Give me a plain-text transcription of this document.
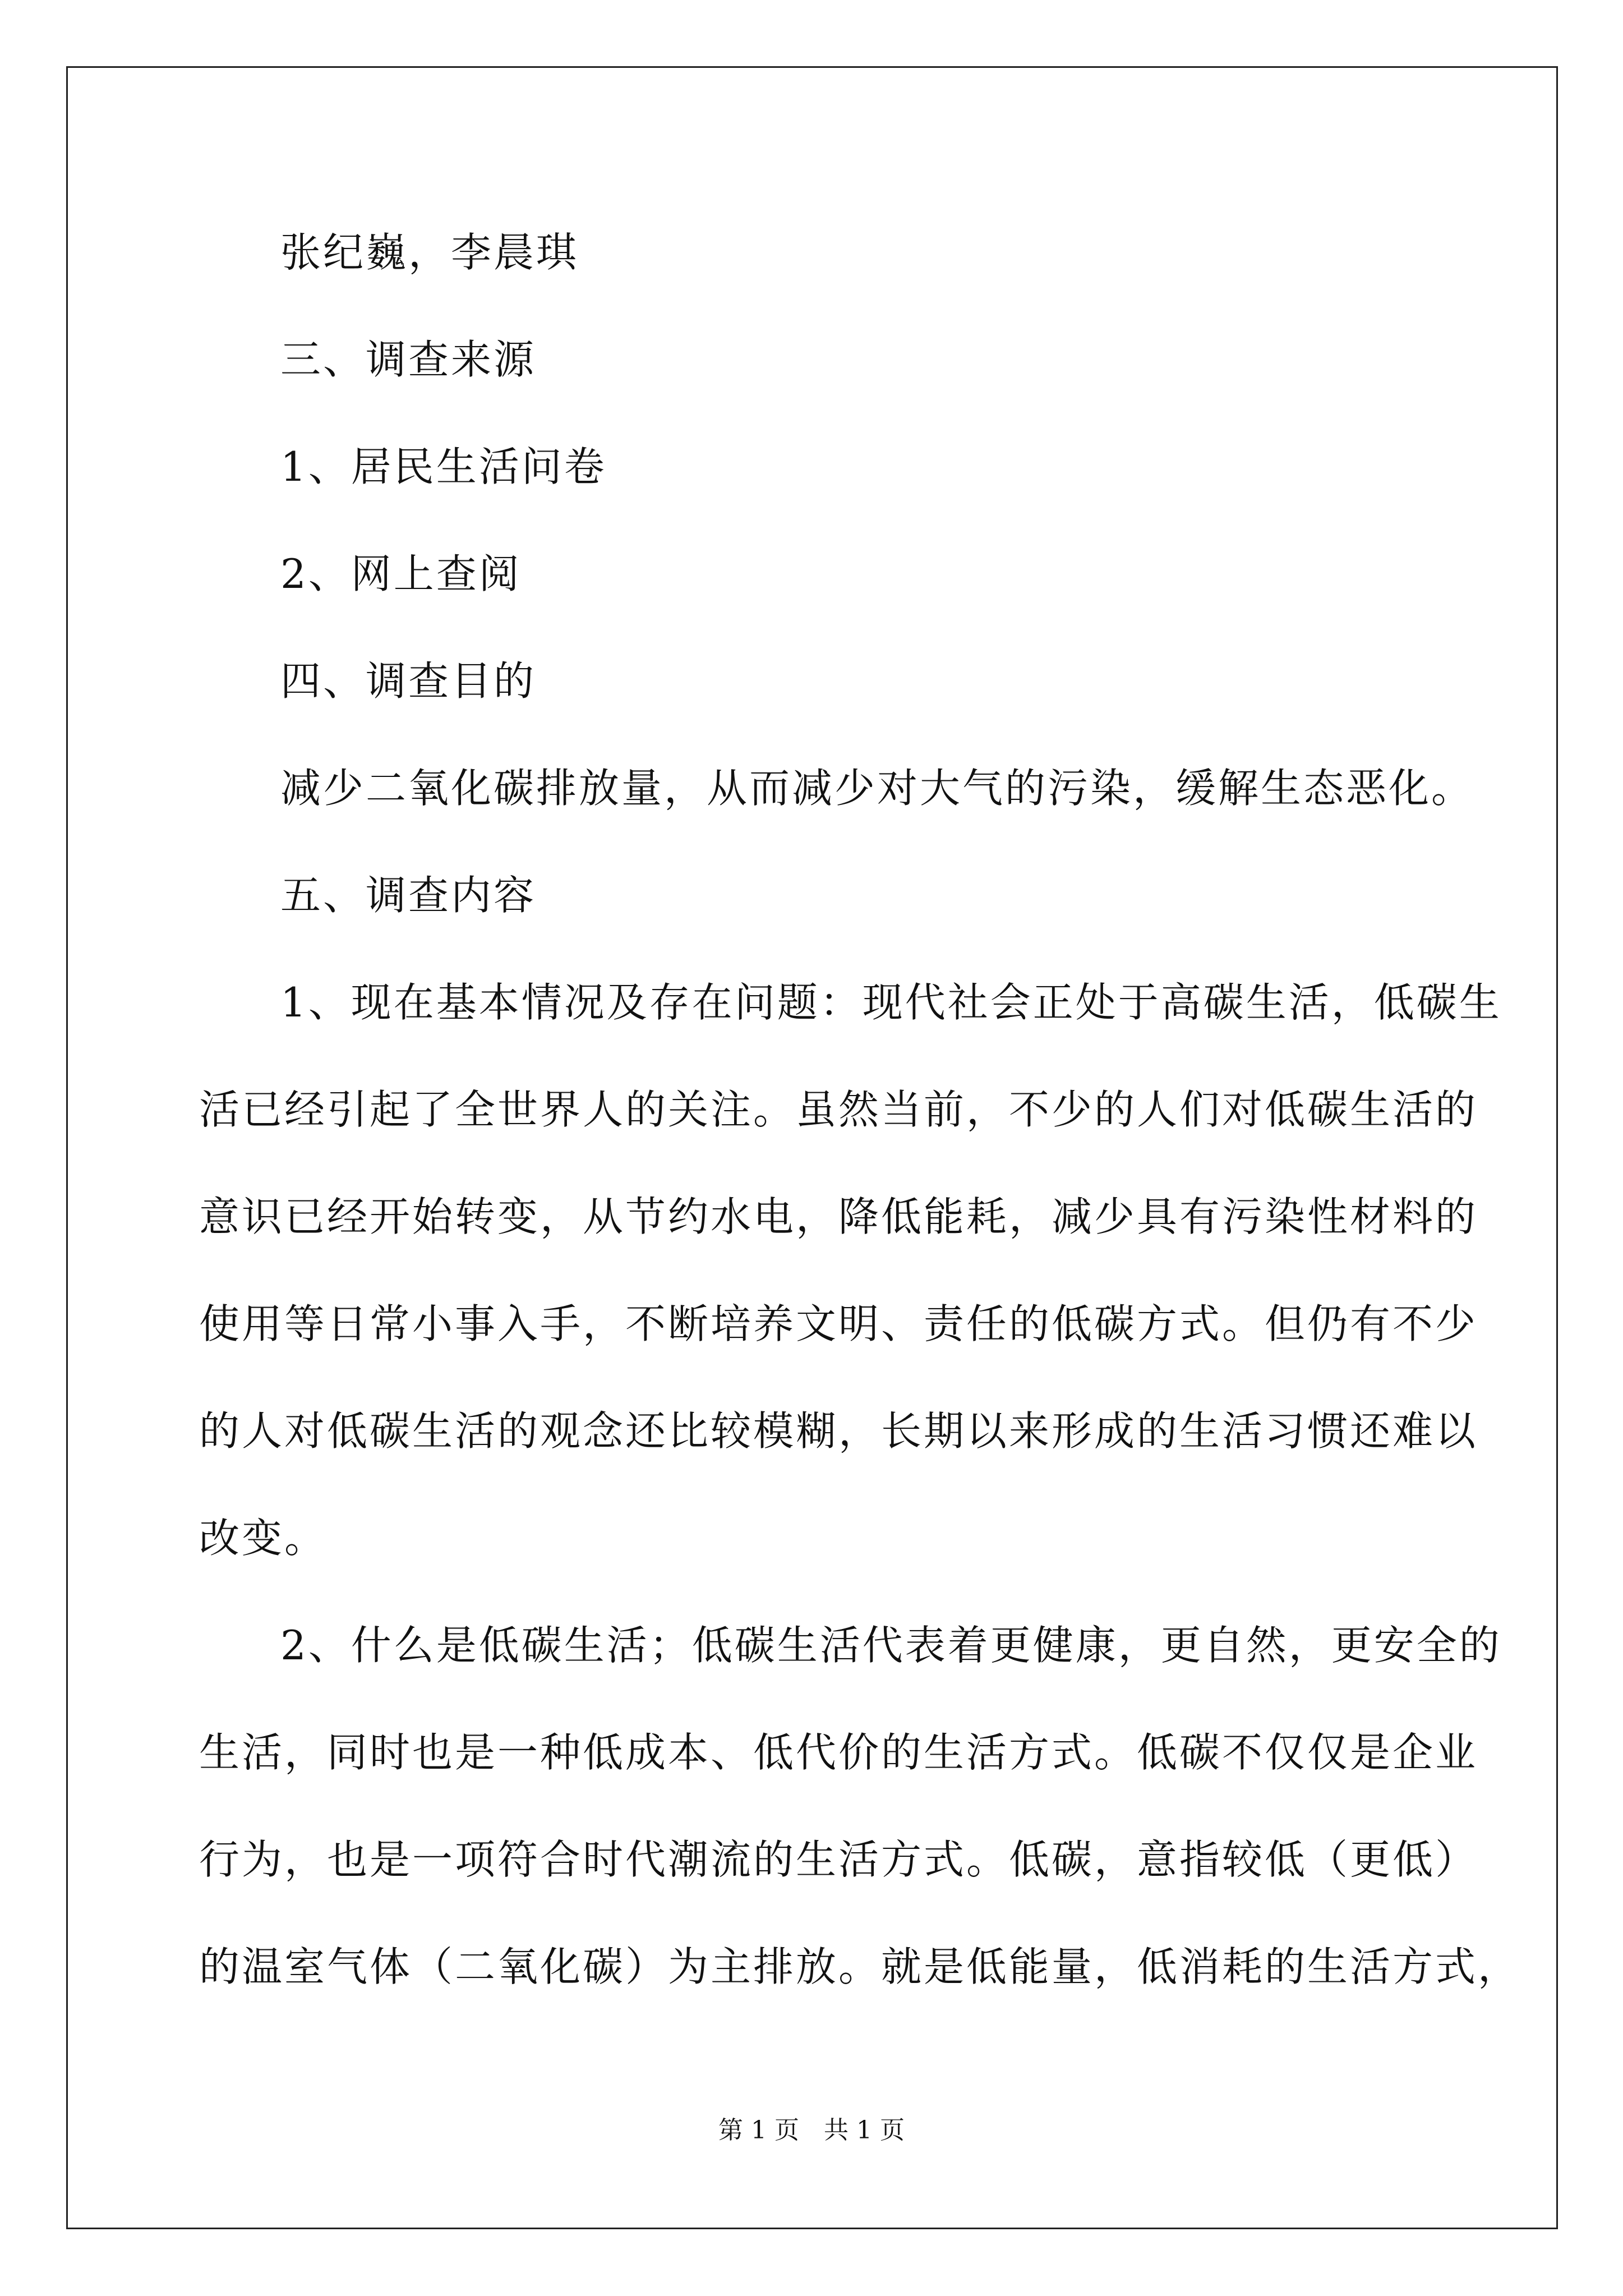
张纪巍，李晨琪
三、调查来源
1、居民生活问卷
2、网上查阅
四、调查目的
减少二氧化碳排放量，从而减少对大气的污染，缓解生态恶化。
五、调查内容
1、现在基本情况及存在问题：现代社会正处于高碳生活，低碳生
活已经引起了全世界人的关注。虽然当前，不少的人们对低碳生活的
意识已经开始转变，从节约水电，降低能耗，减少具有污染性材料的
使用等日常小事入手，不断培养文明、责任的低碳方式。但仍有不少
的人对低碳生活的观念还比较模糊，长期以来形成的生活习惯还难以
改变。
2、什么是低碳生活；低碳生活代表着更健康，更自然，更安全的
生活，同时也是一种低成本、低代价的生活方式。低碳不仅仅是企业
行为，也是一项符合时代潮流的生活方式。低碳，意指较低（更低）
的温室气体（二氧化碳）为主排放。就是低能量，低消耗的生活方式，
第 1 页　共 1 页
